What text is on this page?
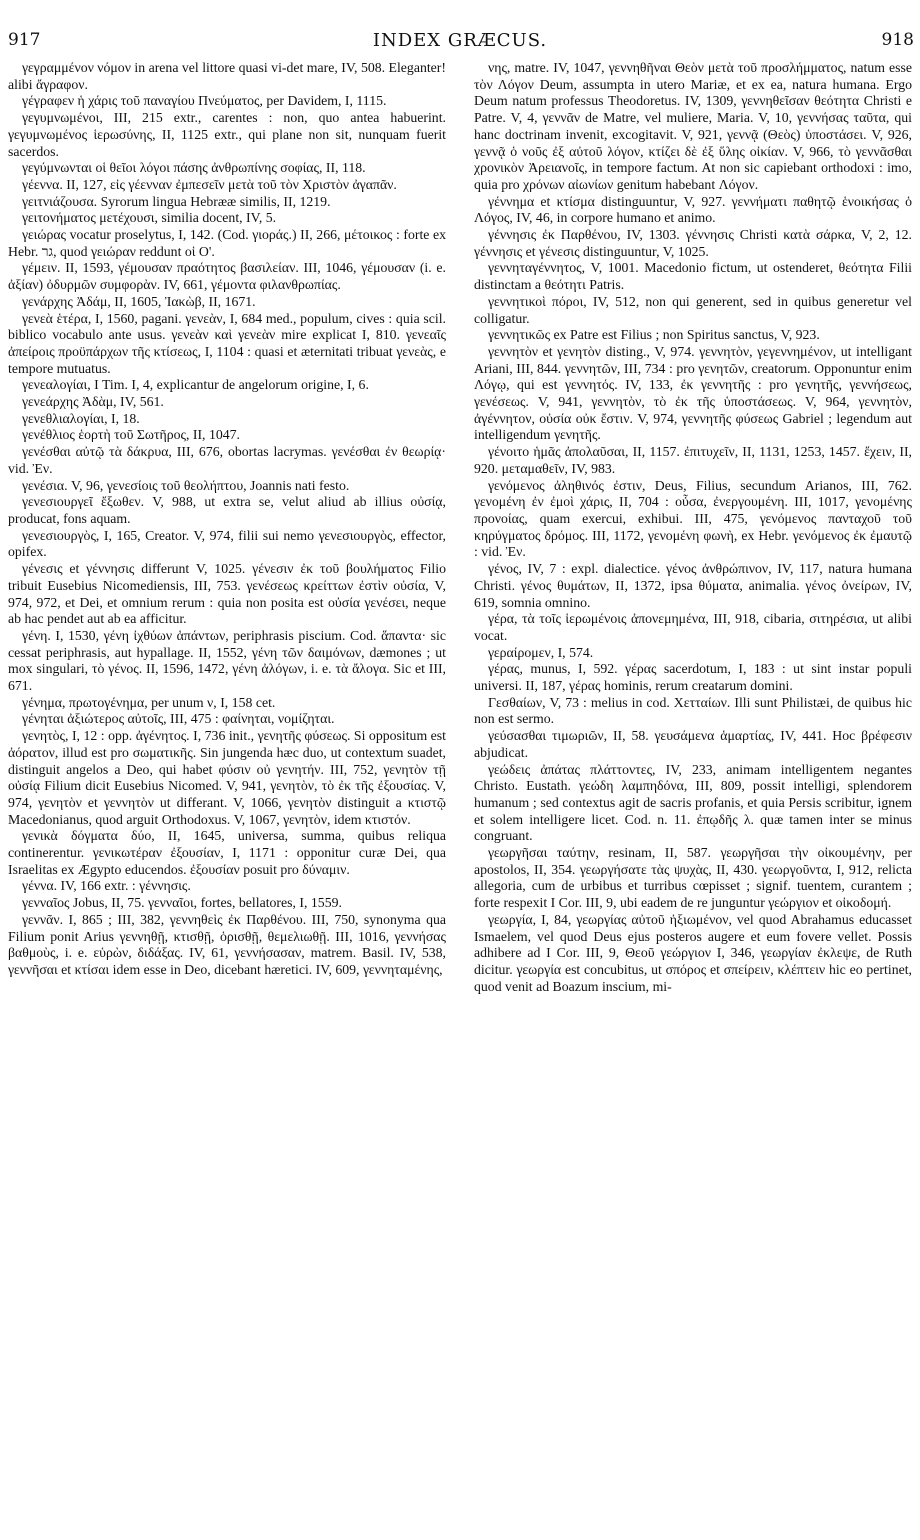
917	INDEX GRÆCUS.	918

γεγραμμένον νόμον in arena vel littore quasi vi-det mare, IV, 508. Eleganter! alibi ἄγραφον.

γέγραφεν ἡ χάρις τοῦ παναγίου Πνεύματος, per Davidem, I, 1115.

γεγυμνωμένοι, III, 215 extr., carentes : non, quo antea habuerint. γεγυμνωμένος ἱερωσύνης, II, 1125 extr., qui plane non sit, nunquam fuerit sacerdos.

γεγύμνωνται οἱ θεῖοι λόγοι πάσης ἀνθρωπίνης σοφίας, II, 118.

γέεννα. II, 127, εἰς γέενναν ἐμπεσεῖν μετὰ τοῦ τὸν Χριστὸν ἀγαπᾶν.

γειτνιάζουσα. Syrorum lingua Hebrææ similis, II, 1219.

γειτονήματος μετέχουσι, similia docent, IV, 5.

γειώρας vocatur proselytus, I, 142. (Cod. γιοράς.) II, 266, μέτοικος : forte ex Hebr. גר, quod γειώραν reddunt οἱ Ο'.

γέμειν. II, 1593, γέμουσαν πραότητος βασιλείαν. III, 1046, γέμουσαν (i. e. ἀξίαν) ὀδυρμῶν συμφορὰν. IV, 661, γέμοντα φιλανθρωπίας.

γενάρχης Ἀδάμ, II, 1605, Ἰακὼβ, II, 1671.

γενεὰ ἑτέρα, I, 1560, pagani. γενεὰν, I, 684 med., populum, cives : quia scil. biblico vocabulo ante usus. γενεὰν καὶ γενεὰν mire explicat I, 810. γενεαῖς ἀπείροις προϋπάρχων τῆς κτίσεως, I, 1104 : quasi et æternitati tribuat γενεὰς, e tempore mutuatus.

γενεαλογίαι, I Tim. I, 4, explicantur de angelorum origine, I, 6.

γενεάρχης Ἀδὰμ, IV, 561.

γενεθλιαλογίαι, I, 18.

γενέθλιος ἑορτὴ τοῦ Σωτῆρος, II, 1047.

γενέσθαι αὐτῷ τὰ δάκρυα, III, 676, obortas lacrymas. γενέσθαι ἐν θεωρίᾳ· vid. Ἐν.

γενέσια. V, 96, γενεσίοις τοῦ θεολήπτου, Joannis nati festo.

γενεσιουργεῖ ἔξωθεν. V, 988, ut extra se, velut aliud ab illius οὐσίᾳ, producat, fons aquam.

γενεσιουργὸς, I, 165, Creator. V, 974, filii sui nemo γενεσιουργὸς, effector, opifex.

γένεσις et γέννησις differunt V, 1025. γένεσιν ἐκ τοῦ βουλήματος Filio tribuit Eusebius Nicomediensis, III, 753. γενέσεως κρείττων ἐστὶν οὐσία, V, 974, 972, et Dei, et omnium rerum : quia non posita est οὐσία γενέσει, neque ab hac pendet aut ab ea afficitur.

γένη. I, 1530, γένη ἰχθύων ἁπάντων, periphrasis piscium. Cod. ἅπαντα· sic cessat periphrasis, aut hypallage. II, 1552, γένη τῶν δαιμόνων, dæmones ; ut mox singulari, τὸ γένος. II, 1596, 1472, γένη ἀλόγων, i. e. τὰ ἄλογα. Sic et III, 671.

γένημα, πρωτογένημα, per unum ν, I, 158 cet.

γένηται ἀξιώτερος αὐτοῖς, III, 475 : φαίνηται, νομίζηται.

γενητὸς, I, 12 : opp. ἀγένητος. I, 736 init., γενητῆς φύσεως. Si oppositum est ἀόρατον, illud est pro σωματικῆς. Sin jungenda hæc duo, ut contextum suadet, distinguit angelos a Deo, qui habet φύσιν οὐ γενητήν. III, 752, γενητὸν τῇ οὐσίᾳ Filium dicit Eusebius Nicomed. V, 941, γενητὸν, τὸ ἐκ τῆς ἐξουσίας. V, 974, γενητὸν et γεννητὸν ut differant. V, 1066, γενητὸν distinguit a κτιστῷ Macedonianus, quod arguit Orthodoxus. V, 1067, γενητὸν, idem κτιστόν.

γενικὰ δόγματα δύο, II, 1645, universa, summa, quibus reliqua continerentur. γενικωτέραν ἐξουσίαν, I, 1171 : opponitur curæ Dei, qua Israelitas ex Ægypto educendos. ἐξουσίαν posuit pro δύναμιν.

γέννα. IV, 166 extr. : γέννησις.

γενναῖος Jobus, II, 75. γενναῖοι, fortes, bellatores, I, 1559.

γεννᾶν. I, 865 ; III, 382, γεννηθεὶς ἐκ Παρθένου. III, 750, synonyma qua Filium ponit Arius γεννηθῇ, κτισθῇ, ὁρισθῇ, θεμελιωθῇ. III, 1016, γεννήσας βαθμοὺς, i. e. εὑρὼν, διδάξας. IV, 61, γεννήσασαν, matrem. Basil. IV, 538, γεννῆσαι et κτίσαι idem esse in Deo, dicebant hæretici. IV, 609, γεννηταμένης,

νης, matre. IV, 1047, γεννηθῆναι Θεὸν μετὰ τοῦ προσλήμματος, natum esse τὸν Λόγον Deum, assumpta in utero Mariæ, et ex ea, natura humana. Ergo Deum natum professus Theodoretus. IV, 1309, γεννηθεῖσαν θεότητα Christi e Patre. V, 4, γεννᾶν de Matre, vel muliere, Maria. V, 10, γεννήσας ταῦτα, qui hanc doctrinam invenit, excogitavit. V, 921, γεννᾷ (Θεὸς) ὑποστάσει. V, 926, γεννᾷ ὁ νοῦς ἐξ αὐτοῦ λόγον, κτίζει δὲ ἐξ ὕλης οἰκίαν. V, 966, τὸ γεννᾶσθαι χρονικὸν Ἀρειανοῖς, in tempore factum. At non sic capiebant orthodoxi : imo, quia pro χρόνων αἰωνίων genitum habebant Λόγον.

γέννημα et κτίσμα distinguuntur, V, 927. γεννήματι παθητῷ ἑνοικήσας ὁ Λόγος, IV, 46, in corpore humano et animo.

γέννησις ἐκ Παρθένου, IV, 1303. γέννησις Christi κατὰ σάρκα, V, 2, 12. γέννησις et γένεσις distinguuntur, V, 1025.

γεννηταγέννητος, V, 1001. Macedonio fictum, ut ostenderet, θεότητα Filii distinctam a θεότητι Patris.

γεννητικοὶ πόροι, IV, 512, non qui generent, sed in quibus generetur vel colligatur.

γεννητικῶς ex Patre est Filius ; non Spiritus sanctus, V, 923.

γεννητὸν et γενητὸν disting., V, 974. γεννητὸν, γεγεννημένον, ut intelligant Ariani, III, 844. γεννητῶν, III, 734 : pro γενητῶν, creatorum. Opponuntur enim Λόγῳ, qui est γεννητός. IV, 133, ἐκ γεννητῆς : pro γενητῆς, γεννήσεως, γενέσεως. V, 941, γεννητὸν, τὸ ἐκ τῆς ὑποστάσεως. V, 964, γεννητὸν, ἀγέννητον, οὐσία οὐκ ἔστιν. V, 974, γεννητῆς φύσεως Gabriel ; legendum aut intelligendum γενητῆς.

γένοιτο ἡμᾶς ἀπολαῦσαι, II, 1157. ἐπιτυχεῖν, II, 1131, 1253, 1457. ἔχειν, II, 920. μεταμαθεῖν, IV, 983.

γενόμενος ἀληθινός ἐστιν, Deus, Filius, secundum Arianos, III, 762. γενομένη ἐν ἐμοὶ χάρις, II, 704 : οὖσα, ἐνεργουμένη. III, 1017, γενομένης προνοίας, quam exercui, exhibui. III, 475, γενόμενος πανταχοῦ τοῦ κηρύγματος δρόμος. III, 1172, γενομένη φωνὴ, ex Hebr. γενόμενος ἐκ ἐμαυτῷ : vid. Ἐν.

γένος, IV, 7 : expl. dialectice. γένος ἀνθρώπινον, IV, 117, natura humana Christi. γένος θυμάτων, II, 1372, ipsa θύματα, animalia. γένος ὀνείρων, IV, 619, somnia omnino.

γέρα, τὰ τοῖς ἱερωμένοις ἀπονεμημένα, III, 918, cibaria, σιτηρέσια, ut alibi vocat.

γεραίρομεν, I, 574.

γέρας, munus, I, 592. γέρας sacerdotum, I, 183 : ut sint instar populi universi. II, 187, γέρας hominis, rerum creatarum domini.

Γεσθαίων, V, 73 : melius in cod. Χετταίων. Illi sunt Philistæi, de quibus hic non est sermo.

γεύσασθαι τιμωριῶν, II, 58. γευσάμενα ἁμαρτίας, IV, 441. Hoc βρέφεσιν abjudicat.

γεώδεις ἀπάτας πλάττοντες, IV, 233, animam intelligentem negantes Christo. Eustath. γεώδη λαμπηδόνα, III, 809, possit intelligi, splendorem humanum ; sed contextus agit de sacris profanis, et quia Persis scribitur, ignem et solem intelligere licet. Cod. n. 11. ἐπῳδῆς λ. quæ tamen inter se minus congruant.

γεωργῆσαι ταύτην, resinam, II, 587. γεωργῆσαι τὴν οἰκουμένην, per apostolos, II, 354. γεωργήσατε τὰς ψυχὰς, II, 430. γεωργοῦντα, I, 912, relicta allegoria, cum de urbibus et turribus cœpisset ; signif. tuentem, curantem ; forte respexit I Cor. III, 9, ubi eadem de re junguntur γεώργιον et οἰκοδομή.

γεωργία, I, 84, γεωργίας αὐτοῦ ἠξιωμένον, vel quod Abrahamus educasset Ismaelem, vel quod Deus ejus posteros augere et eum fovere vellet. Possis adhibere ad I Cor. III, 9, Θεοῦ γεώργιον I, 346, γεωργίαν ἐκλεψε, de Ruth dicitur. γεωργία est concubitus, ut σπόρος et σπείρειν, κλέπτειν hic eo pertinet, quod venit ad Boazum inscium, mi-
